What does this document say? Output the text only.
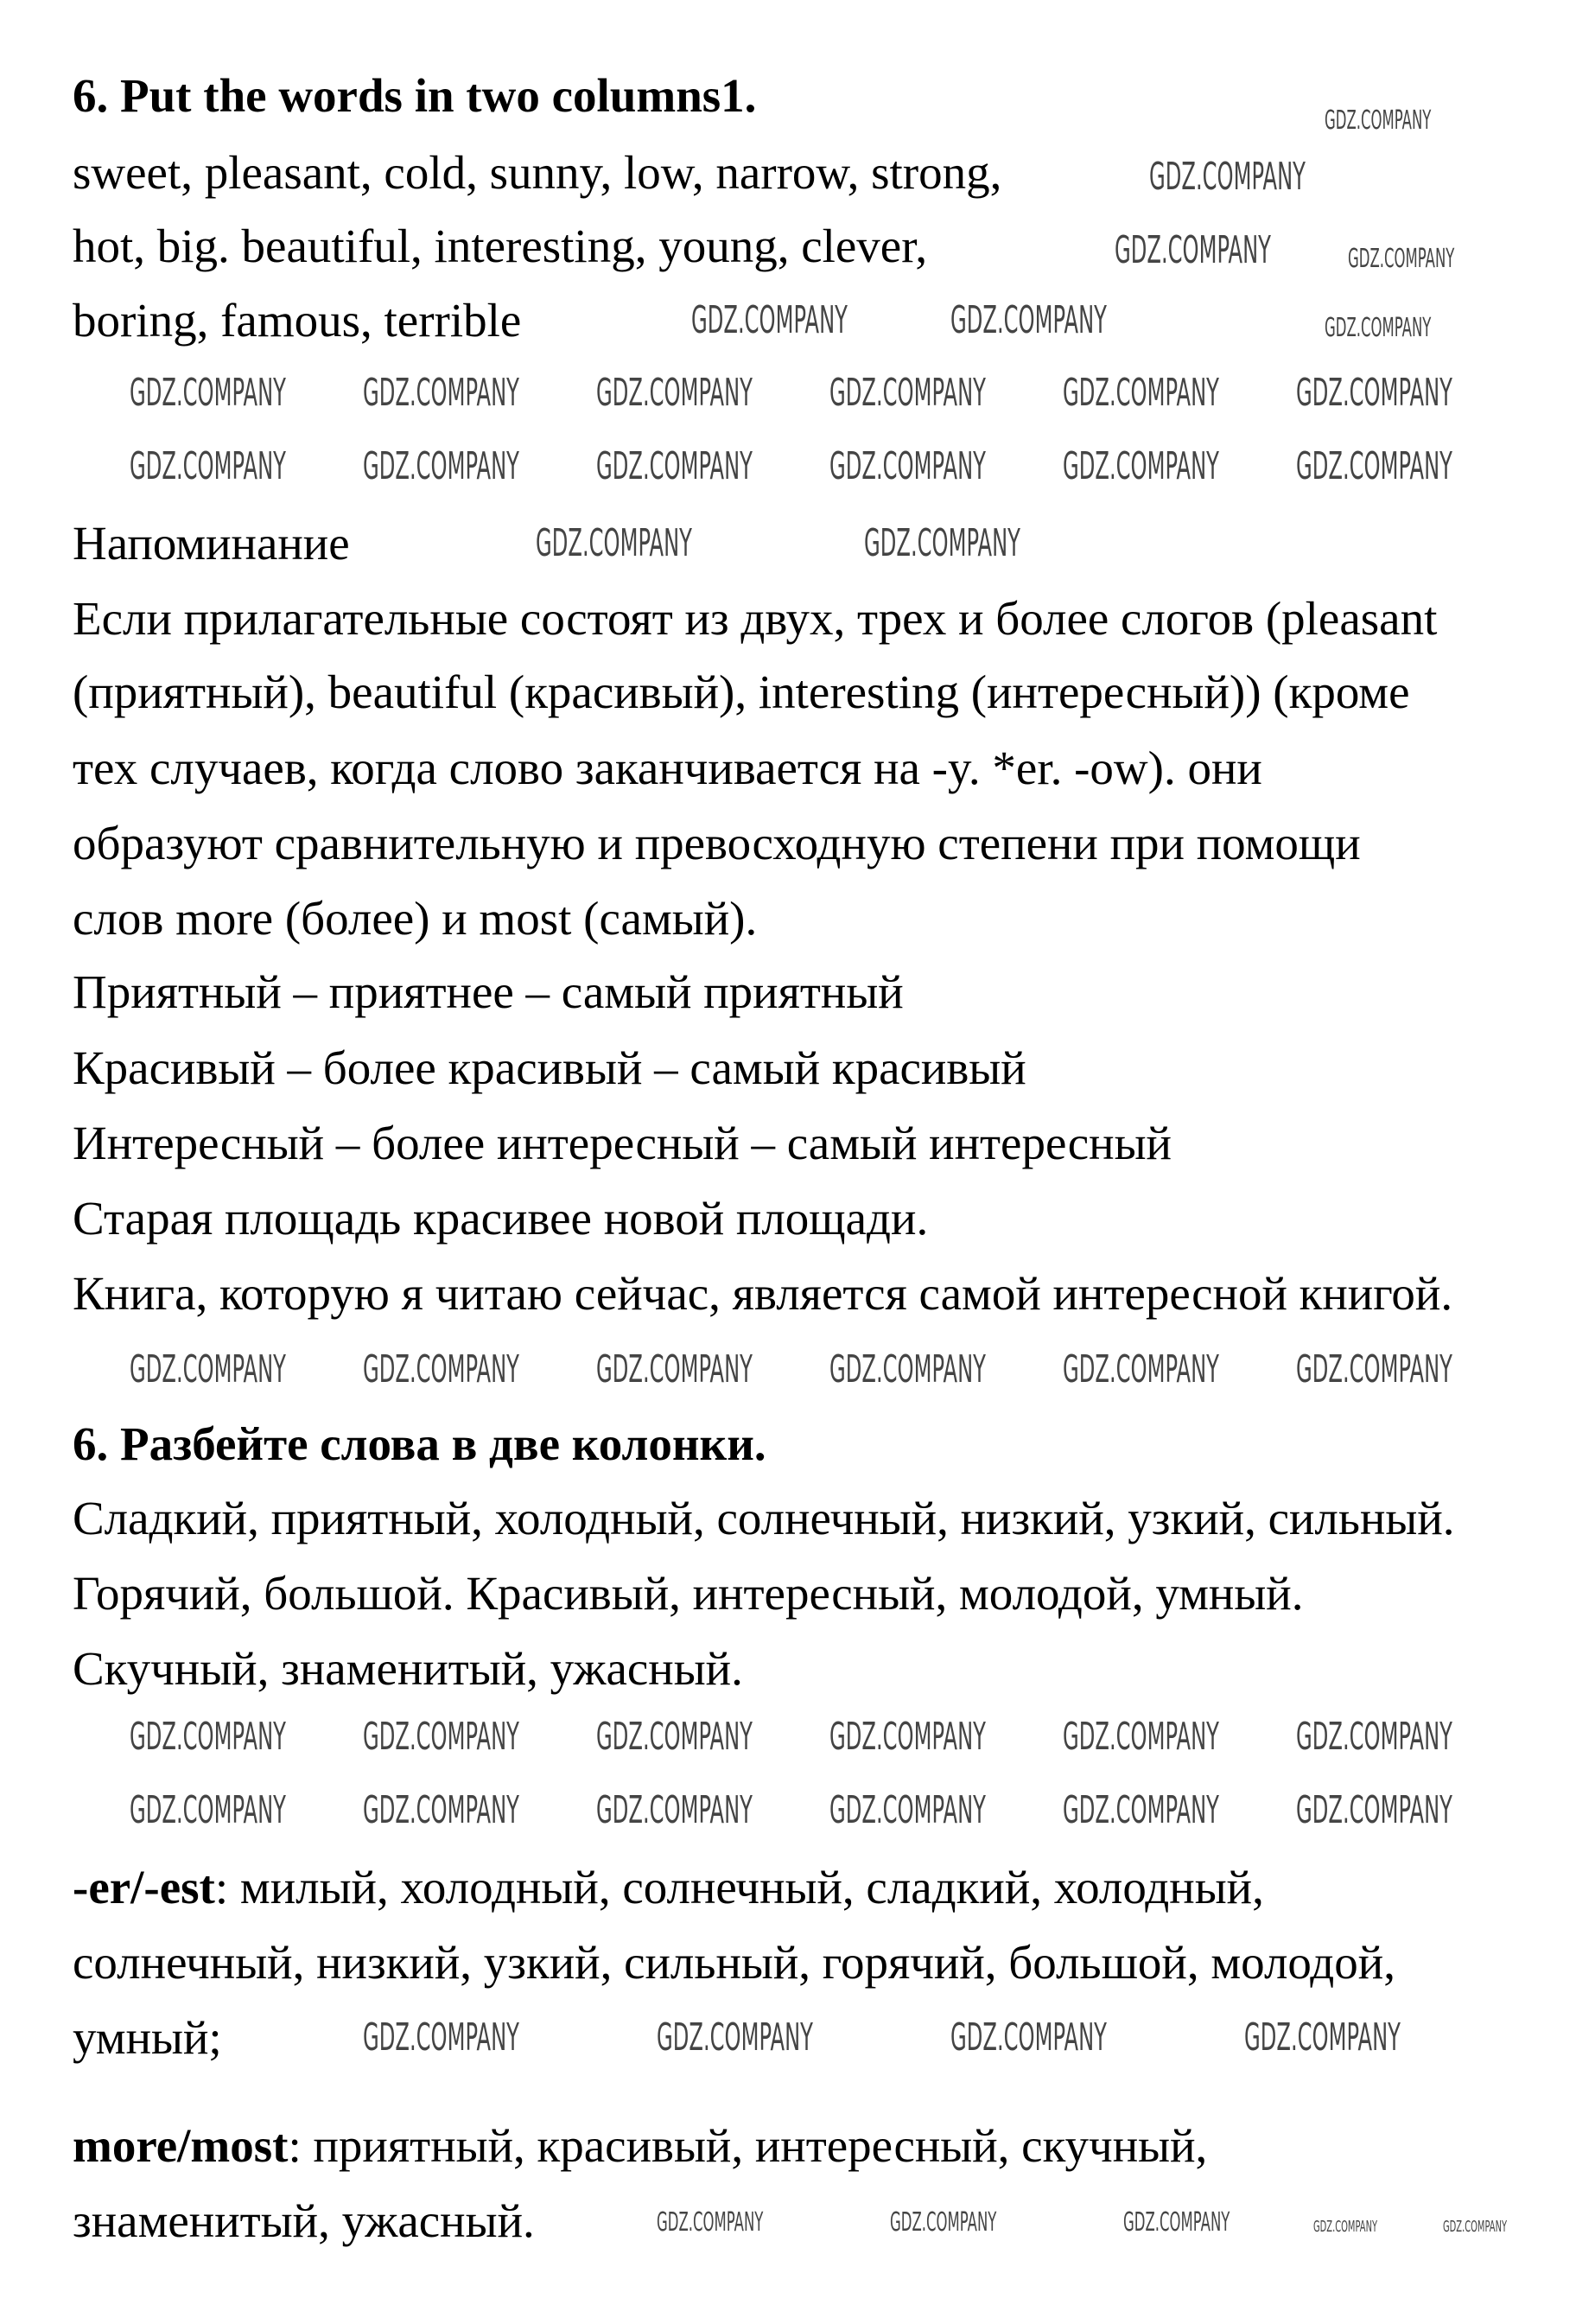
6. Put the words in two columns1.
sweet, pleasant, cold, sunny, low, narrow, strong,
hot, big. beautiful, interesting, young, clever,
boring, famous, terrible
Напоминание
Если прилагательные состоят из двух, трех и более слогов (pleasant
(приятный), beautiful (красивый), interesting (интересный)) (кроме
тех случаев, когда слово заканчивается на -y. *er. -ow). они
образуют сравнительную и превосходную степени при помощи
слов more (более) и most (самый).
Приятный – приятнее – самый приятный
Красивый – более красивый – самый красивый
Интересный – более интересный – самый интересный
Старая площадь красивее новой площади.
Книга, которую я читаю сейчас, является самой интересной книгой.
6. Разбейте слова в две колонки.
Сладкий, приятный, холодный, солнечный, низкий, узкий, сильный.
Горячий, большой. Красивый, интересный, молодой, умный.
Скучный, знаменитый, ужасный.
-er/-est: милый, холодный, солнечный, сладкий, холодный,
солнечный, низкий, узкий, сильный, горячий, большой, молодой,
умный;
more/most: приятный, красивый, интересный, скучный,
знаменитый, ужасный.
GDZ.COMPANY
GDZ.COMPANY
GDZ.COMPANY	GDZ.COMPANY
GDZ.COMPANY	GDZ.COMPANY	GDZ.COMPANY
GDZ.COMPANY GDZ.COMPANY GDZ.COMPANY GDZ.COMPANY GDZ.COMPANY GDZ.COMPANY
GDZ.COMPANY GDZ.COMPANY GDZ.COMPANY GDZ.COMPANY GDZ.COMPANY GDZ.COMPANY
GDZ.COMPANY	GDZ.COMPANY
GDZ.COMPANY GDZ.COMPANY GDZ.COMPANY GDZ.COMPANY GDZ.COMPANY GDZ.COMPANY
GDZ.COMPANY GDZ.COMPANY GDZ.COMPANY GDZ.COMPANY GDZ.COMPANY GDZ.COMPANY
GDZ.COMPANY GDZ.COMPANY GDZ.COMPANY GDZ.COMPANY GDZ.COMPANY GDZ.COMPANY
GDZ.COMPANY	GDZ.COMPANY	GDZ.COMPANY	GDZ.COMPANY
GDZ.COMPANY	GDZ.COMPANY	GDZ.COMPANY	GDZ.COMPANY	GDZ.COMPANY
